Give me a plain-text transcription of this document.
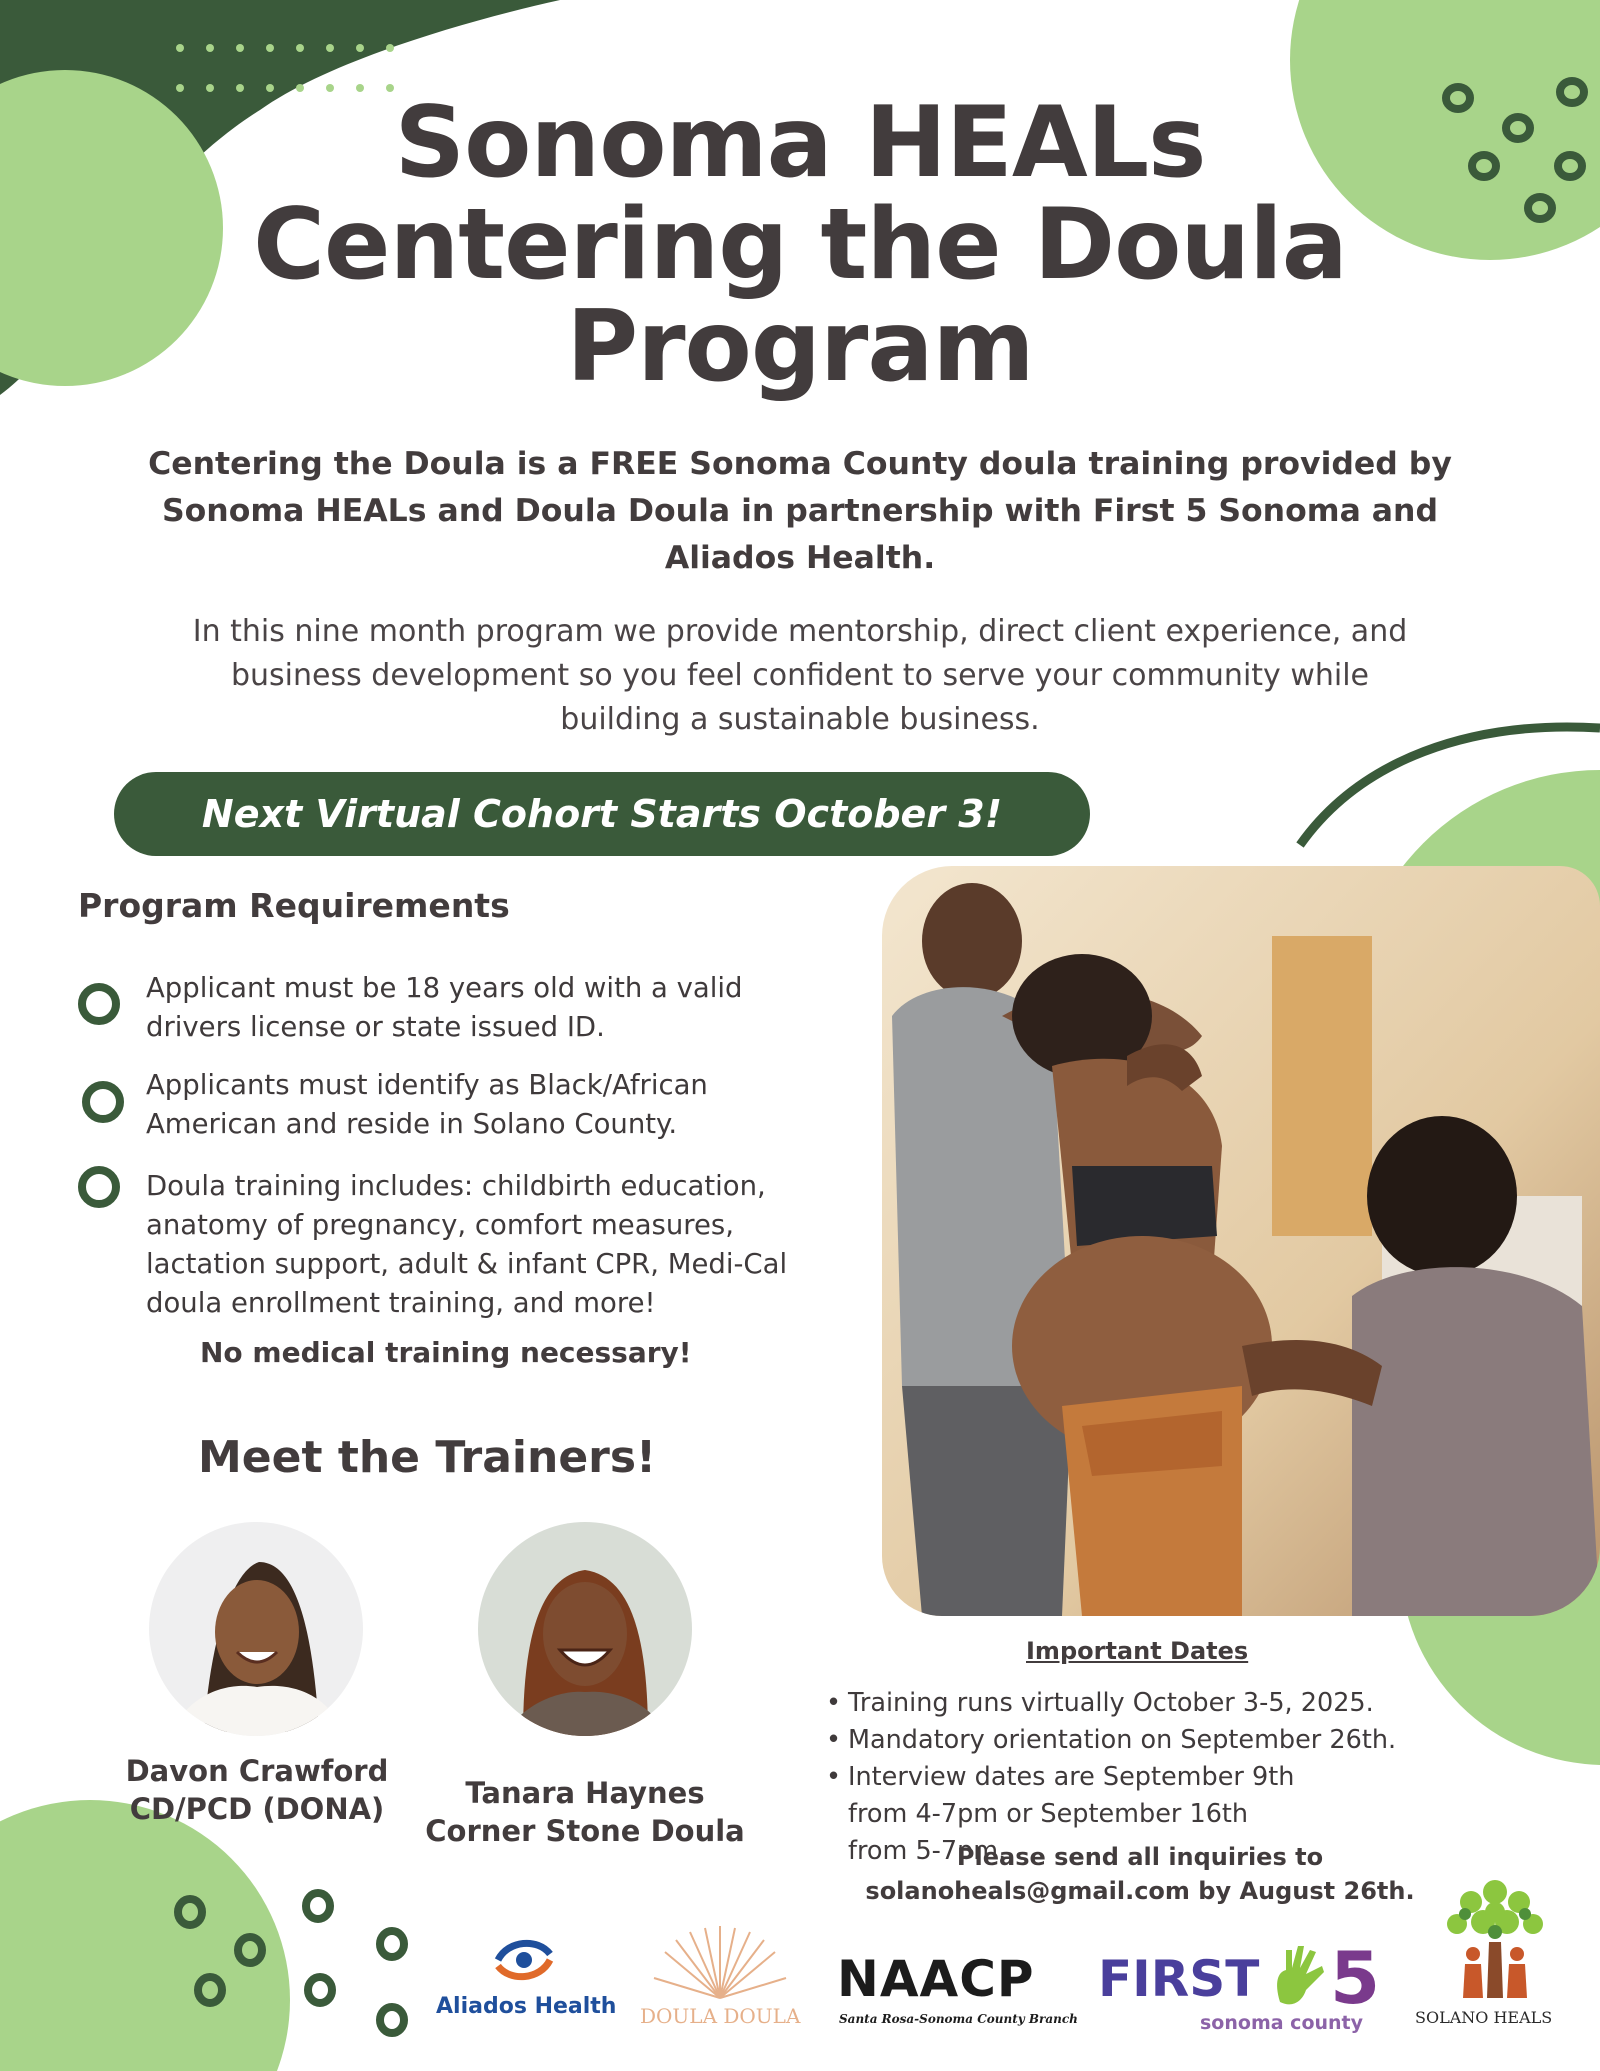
Sonoma HEALs
Centering the Doula
Program
Centering the Doula is a FREE Sonoma County doula training provided by
Sonoma HEALs and Doula Doula in partnership with First 5 Sonoma and
Aliados Health.
In this nine month program we provide mentorship, direct client experience, and
business development so you feel confident to serve your community while
building a sustainable business.
Next Virtual Cohort Starts October 3!
Program Requirements
Applicant must be 18 years old with a valid
drivers license or state issued ID.
Applicants must identify as Black/African
American and reside in Solano County.
Doula training includes: childbirth education,
anatomy of pregnancy, comfort measures,
lactation support, adult & infant CPR, Medi-Cal
doula enrollment training, and more!
No medical training necessary!
Meet the Trainers!
Davon Crawford
CD/PCD (DONA)	Tanara Haynes
Corner Stone Doula
Important Dates
• Training runs virtually October 3-5, 2025.
• Mandatory orientation on September 26th.
• Interview dates are September 9th from 4-7pm or September 16th from 5-7pm.
Please send all inquiries to
solanoheals@gmail.com by August 26th.
Aliados Health DOULA DOULA
NAACP
Santa Rosa-Sonoma County Branch
FIRST 5
sonoma county	SOLANO HEALS
